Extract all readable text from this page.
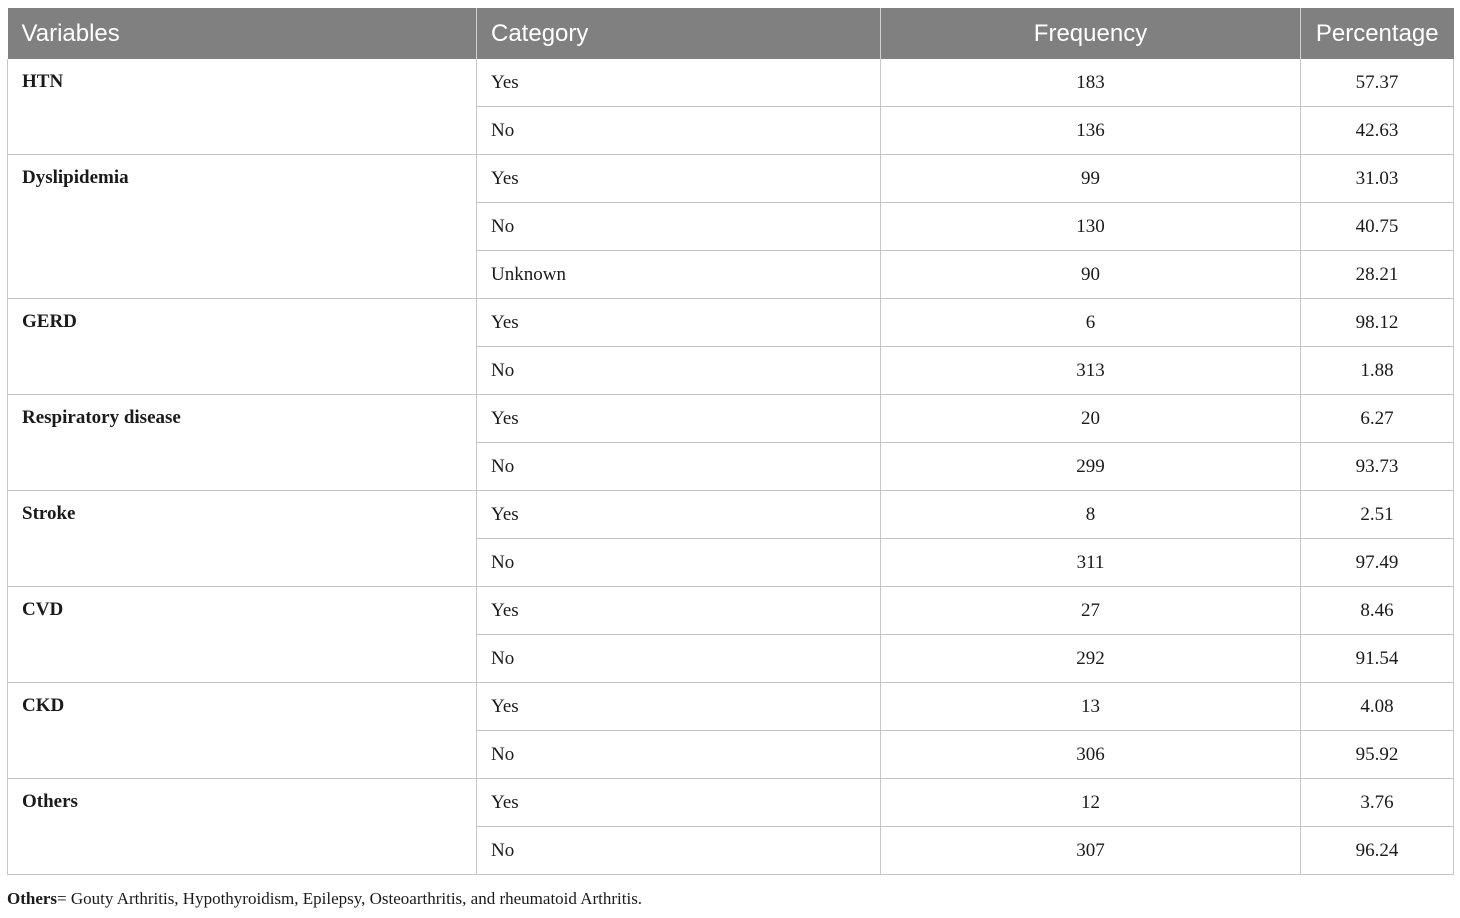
Variables	Category	Frequency	Percentage
HTN	Yes	183	57.37
	No	136	42.63
Dyslipidemia	Yes	99	31.03
	No	130	40.75
	Unknown	90	28.21
GERD	Yes	6	98.12
	No	313	1.88
Respiratory disease	Yes	20	6.27
	No	299	93.73
Stroke	Yes	8	2.51
	No	311	97.49
CVD	Yes	27	8.46
	No	292	91.54
CKD	Yes	13	4.08
	No	306	95.92
Others	Yes	12	3.76
	No	307	96.24
Others= Gouty Arthritis, Hypothyroidism, Epilepsy, Osteoarthritis, and rheumatoid Arthritis.
